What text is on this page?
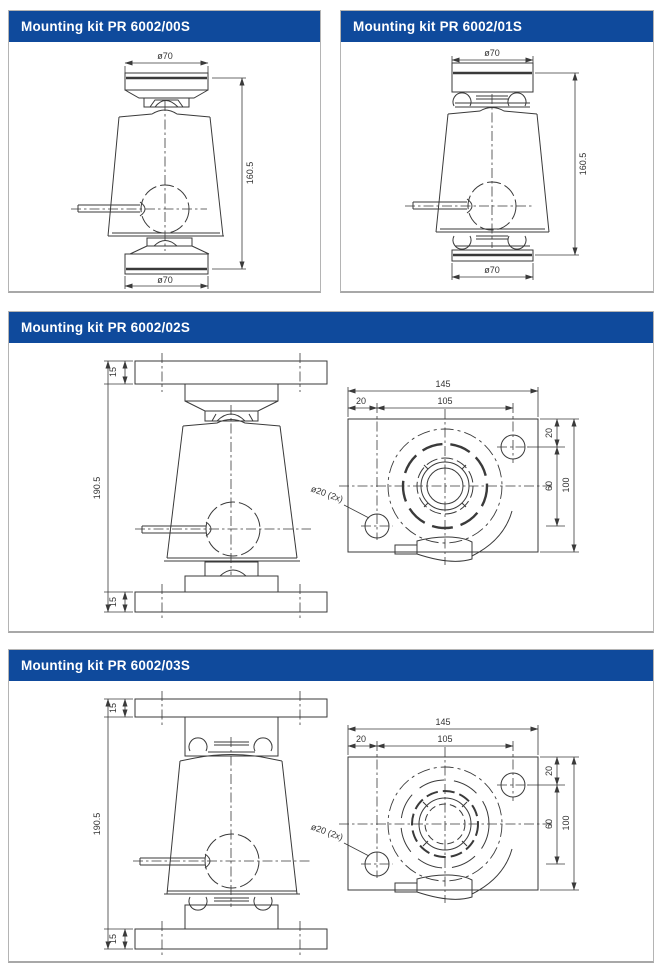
Mounting kit PR 6002/00S
ø70
ø70
160.5
Mounting kit PR 6002/01S
ø70
ø70
160.5
Mounting kit PR 6002/02S
15
190.5
15
145
20	105
ø20 (2x)
20
60 100
Mounting kit PR 6002/03S
15
190.5
15
145
20	105
ø20 (2x)
20
60 100
